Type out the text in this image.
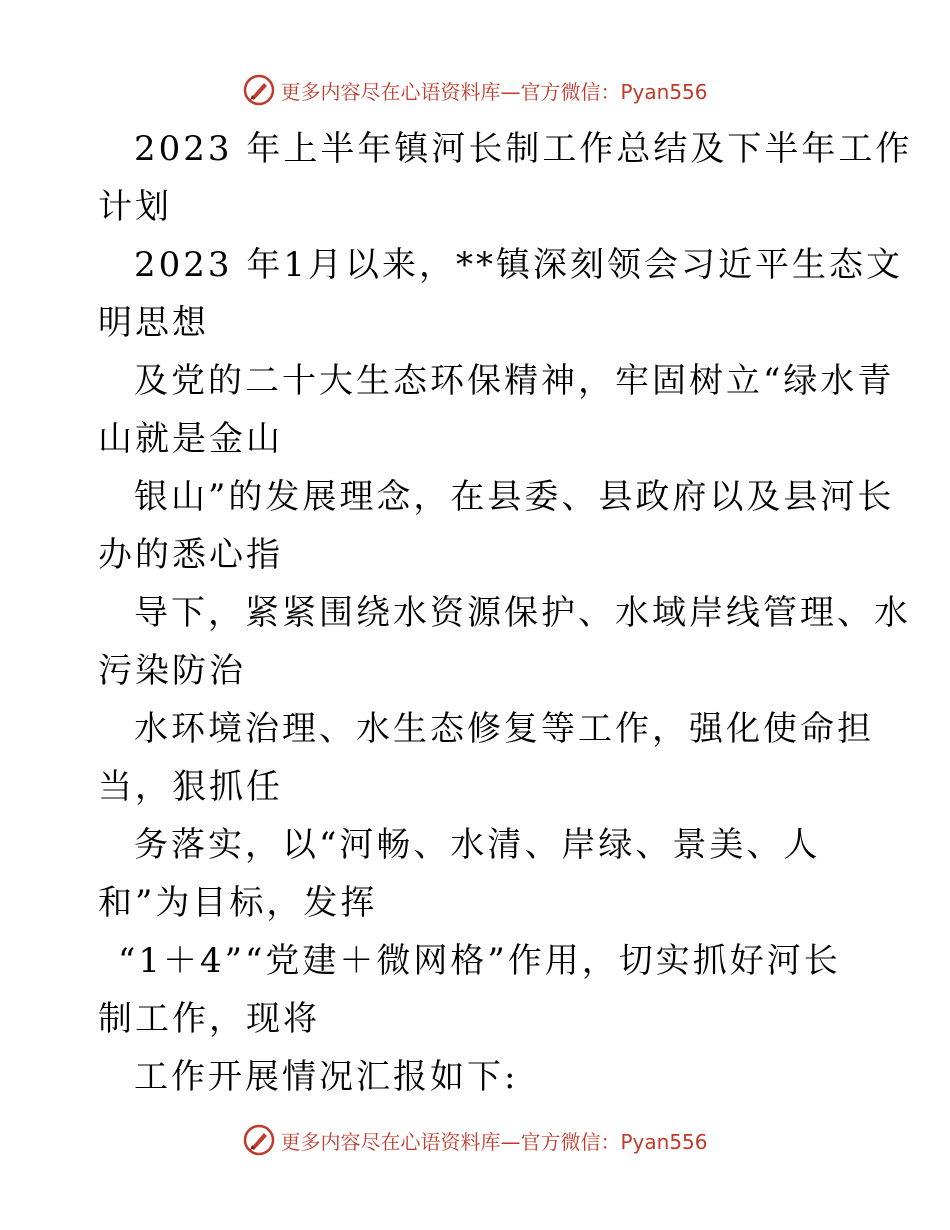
更多内容尽在心语资料库—官方微信：Pyan556
2023 年上半年镇河长制工作总结及下半年工作
计划
2023 年1月以来，**镇深刻领会习近平生态文
明思想
及党的二十大生态环保精神，牢固树立“绿水青
山就是金山
银山”的发展理念，在县委、县政府以及县河长
办的悉心指
导下，紧紧围绕水资源保护、水域岸线管理、水
污染防治
水环境治理、水生态修复等工作，强化使命担
当，狠抓任
务落实，以“河畅、水清、岸绿、景美、人
和”为目标，发挥
“1＋4”“党建＋微网格”作用，切实抓好河长
制工作，现将
工作开展情况汇报如下:
更多内容尽在心语资料库—官方微信：Pyan556
